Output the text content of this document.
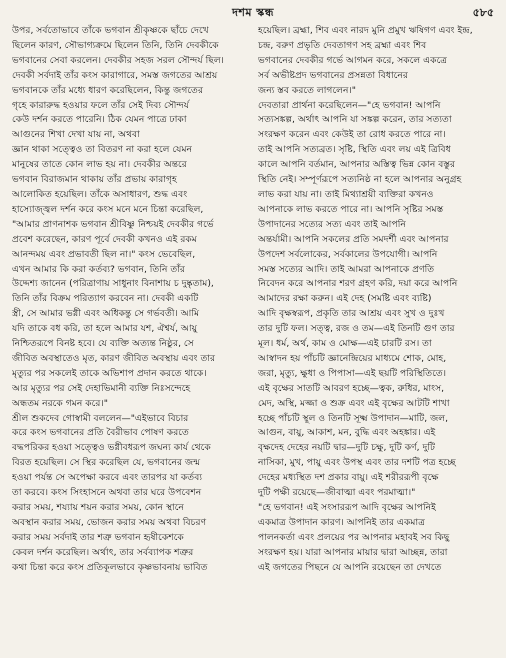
দশম স্কন্ধ	৫৮৫
উপর, সর্বতোভাবে তাঁকে ভগবান শ্রীকৃষ্ণকে ছাঁচে দেখে
ছিলেন কারণ, সৌভাগ্যক্রমে ছিলেন তিনি, তিনি দেবকীকে
ভগবানের সেবা করলেন। দেবকীর সহজ সরল সৌন্দর্য ছিল।
দেবকী সর্বদাই তাঁর কংস কারাগারে, সমস্ত জগতের আশ্রয়
ভগবানকে তাঁর মধ্যে ধারণ করেছিলেন, কিন্তু জগতের
গৃহে কারারুদ্ধ হওয়ার ফলে তাঁর সেই দিব্য সৌন্দর্য
কেউ দর্শন করতে পারেনি। ঠিক যেমন পাত্রে ঢাকা
আগুনের শিখা দেখা যায় না, অথবা
জ্ঞান থাকা সত্ত্বেও তা বিতরণ না করা হলে যেমন
মানুষের তাতে কোন লাভ হয় না। দেবকীর অন্তরে
ভগবান বিরাজমান থাকায় তাঁর প্রভায় কারাগৃহ
আলোকিত হয়েছিল। তাঁকে অসাধারণ, শুদ্ধ এবং
হাস্যোজ্জ্বল দর্শন করে কংস মনে মনে চিন্তা করেছিল,
"আমার প্রাণনাশক ভগবান শ্রীবিষ্ণু নিশ্চয়ই দেবকীর গর্ভে
প্রবেশ করেছেন, কারণ পূর্বে দেবকী কখনও এই রকম
আনন্দময় এবং প্রভাবতী ছিল না।" কংস ভেবেছিল,
এখন আমার কি করা কর্তব্য? ভগবান, তিনি তাঁর
উদ্দেশ্য জানেন (পরিত্রাণায় সাধুনাং বিনাশায় চ দুষ্কৃতাম),
তিনি তাঁর বিক্রম পরিত্যাগ করবেন না। দেবকী একটি
স্ত্রী, সে আমার ভগ্নী এবং অধিকন্তু সে গর্ভবতী। আমি
যদি তাকে বধ করি, তা হলে আমার যশ, ঐশ্বর্য, আয়ু
নিশ্চিতরূপে বিনষ্ট হবে। যে ব্যক্তি অত্যন্ত নিষ্ঠুর, সে
জীবিত অবস্থাতেও মৃত, কারণ জীবিত অবস্থায় এবং তার
মৃত্যুর পর সকলেই তাকে অভিশাপ প্রদান করতে থাকে।
আর মৃত্যুর পর সেই দেহাভিমানী ব্যক্তি নিঃসন্দেহে
অন্ধতম নরকে গমন করে।"
শ্রীল শুকদেব গোস্বামী বললেন—"এইভাবে বিচার
করে কংস ভগবানের প্রতি বৈরীভাব পোষণ করতে
বদ্ধপরিকর হওয়া সত্ত্বেও ভগ্নীবধরূপ জঘন্য কার্য থেকে
বিরত হয়েছিল। সে স্থির করেছিল যে, ভগবানের জন্ম
হওয়া পর্যন্ত সে অপেক্ষা করবে এবং তারপর যা কর্তব্য
তা করবে। কংস সিংহাসনে অথবা তার ঘরে উপবেশন
করার সময়, শয্যায় শয়ন করার সময়, কোন স্থানে
অবস্থান করার সময়, ভোজন করার সময় অথবা বিচরণ
করার সময় সর্বদাই তার শত্রু ভগবান হৃষীকেশকে
কেবল দর্শন করেছিল। অর্থাৎ, তার সর্বব্যাপক শত্রুর
কথা চিন্তা করে কংস প্রতিকূলভাবে কৃষ্ণভাবনায় ভাবিত
হয়েছিল। ব্রহ্মা, শিব এবং নারদ মুনি প্রমুখ ঋষিগণ এবং ইন্দ্র,
চন্দ্র, বরুণ প্রভৃতি দেবতাগণ সহ ব্রহ্মা এবং শিব
ভগবানের দেবকীর গর্ভে আগমন করে, সকলে একত্রে
সর্ব অভীষ্টপ্রদ ভগবানের প্রসন্নতা বিধানের
জন্য স্তব করতে লাগলেন।"
দেবতারা প্রার্থনা করেছিলেন—"হে ভগবান! আপনি
সত্যসঙ্কল্প, অর্থাৎ আপনি যা সঙ্কল্প করেন, তার সত্যতা
সংরক্ষণ করেন এবং কেউই তা রোধ করতে পারে না।
তাই আপনি সত্যব্রত। সৃষ্টি, স্থিতি এবং লয় এই ত্রিবিধ
কালে আপনি বর্তমান, আপনার অস্তিত্ব ভিন্ন কোন বস্তুর
স্থিতি নেই। সম্পূর্ণরূপে সত্যনিষ্ঠ না হলে আপনার অনুগ্রহ
লাভ করা যায় না। তাই মিথ্যাশ্রয়ী ব্যক্তিরা কখনও
আপনাকে লাভ করতে পারে না। আপনি সৃষ্টির সমস্ত
উপাদানের সত্যের সত্য এবং তাই আপনি
অন্তর্যামী। আপনি সকলের প্রতি সমদর্শী এবং আপনার
উপদেশ সর্বলোকের, সর্বকালের উপযোগী। আপনি
সমস্ত সত্যের আদি। তাই আমরা আপনাকে প্রণতি
নিবেদন করে আপনার শরণ গ্রহণ করি, দয়া করে আপনি
আমাদের রক্ষা করুন। এই দেহ (সমষ্টি এবং ব্যষ্টি)
আদি বৃক্ষস্বরূপ, প্রকৃতি তার আশ্রয় এবং সুখ ও দুঃখ
তার দুটি ফল। সত্ত্ব, রজ ও তম—এই তিনটি গুণ তার
মূল। ধর্ম, অর্থ, কাম ও মোক্ষ—এই চারটি রস। তা
আস্বাদন হয় পাঁচটি জ্ঞানেন্দ্রিয়ের মাধ্যমে শোক, মোহ,
জরা, মৃত্যু, ক্ষুধা ও পিপাসা—এই ছয়টি পরিস্থিতিতে।
এই বৃক্ষের সাতটি আবরণ হচ্ছে—ত্বক, রুধির, মাংস,
মেদ, অস্থি, মজ্জা ও শুক্র এবং এই বৃক্ষের আটটি শাখা
হচ্ছে পাঁচটি স্থূল ও তিনটি সূক্ষ্ম উপাদান—মাটি, জল,
আগুন, বায়ু, আকাশ, মন, বুদ্ধি এবং অহঙ্কার। এই
বৃক্ষদেহ দেহের নয়টি দ্বার—দুটি চক্ষু, দুটি কর্ণ, দুটি
নাসিকা, মুখ, পায়ু এবং উপস্থ এবং তার দশটি পত্র হচ্ছে
দেহের মধ্যস্থিত দশ প্রকার বায়ু। এই শরীররূপী বৃক্ষে
দুটি পক্ষী রয়েছে—জীবাত্মা এবং পরমাত্মা।"
"হে ভগবান! এই সংসাররূপ আদি বৃক্ষের আপনিই
একমাত্র উপাদান কারণ। আপনিই তার একমাত্র
পালনকর্তা এবং প্রলয়ের পর আপনার মহাবই সব কিছু
সংরক্ষণ হয়। যারা আপনার মায়ার দ্বারা আচ্ছন্ন, তারা
এই জগতের পিছনে যে আপনি রয়েছেন তা দেখতে
